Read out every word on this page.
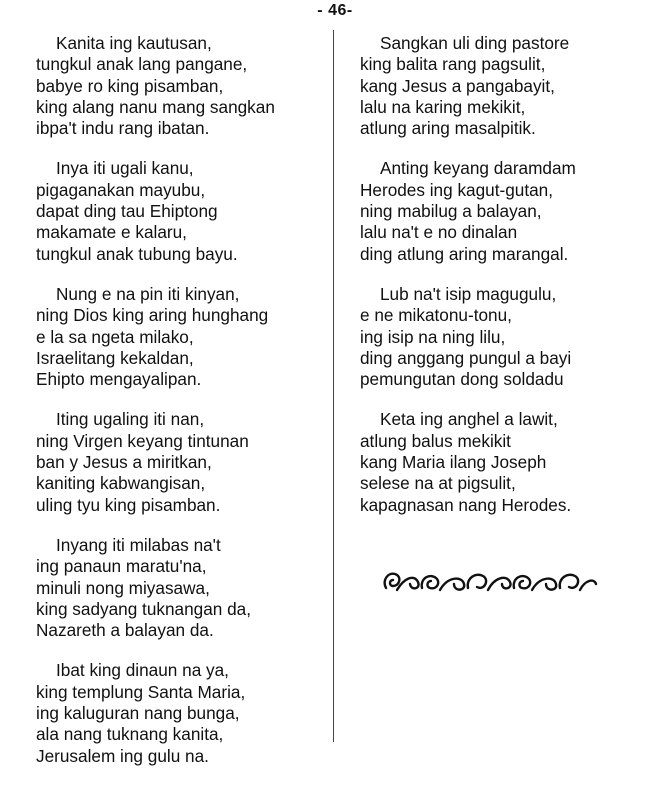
- 46-
Kanita ing kautusan,
tungkul anak lang pangane,
babye ro king pisamban,
king alang nanu mang sangkan
ibpa't indu rang ibatan.
Inya iti ugali kanu,
pigaganakan mayubu,
dapat ding tau Ehiptong
makamate e kalaru,
tungkul anak tubung bayu.
Nung e na pin iti kinyan,
ning Dios king aring hunghang
e la sa ngeta milako,
Israelitang kekaldan,
Ehipto mengayalipan.
Iting ugaling iti nan,
ning Virgen keyang tintunan
ban y Jesus a miritkan,
kaniting kabwangisan,
uling tyu king pisamban.
Inyang iti milabas na't
ing panaun maratu'na,
minuli nong miyasawa,
king sadyang tuknangan da,
Nazareth a balayan da.
Ibat king dinaun na ya,
king templung Santa Maria,
ing kaluguran nang bunga,
ala nang tuknang kanita,
Jerusalem ing gulu na.
Sangkan uli ding pastore
king balita rang pagsulit,
kang Jesus a pangabayit,
lalu na karing mekikit,
atlung aring masalpitik.
Anting keyang daramdam
Herodes ing kagut-gutan,
ning mabilug a balayan,
lalu na't e no dinalan
ding atlung aring marangal.
Lub na't isip magugulu,
e ne mikatonu-tonu,
ing isip na ning lilu,
ding anggang pungul a bayi
pemungutan dong soldadu
Keta ing anghel a lawit,
atlung balus mekikit
kang Maria ilang Joseph
selese na at pigsulit,
kapagnasan nang Herodes.
